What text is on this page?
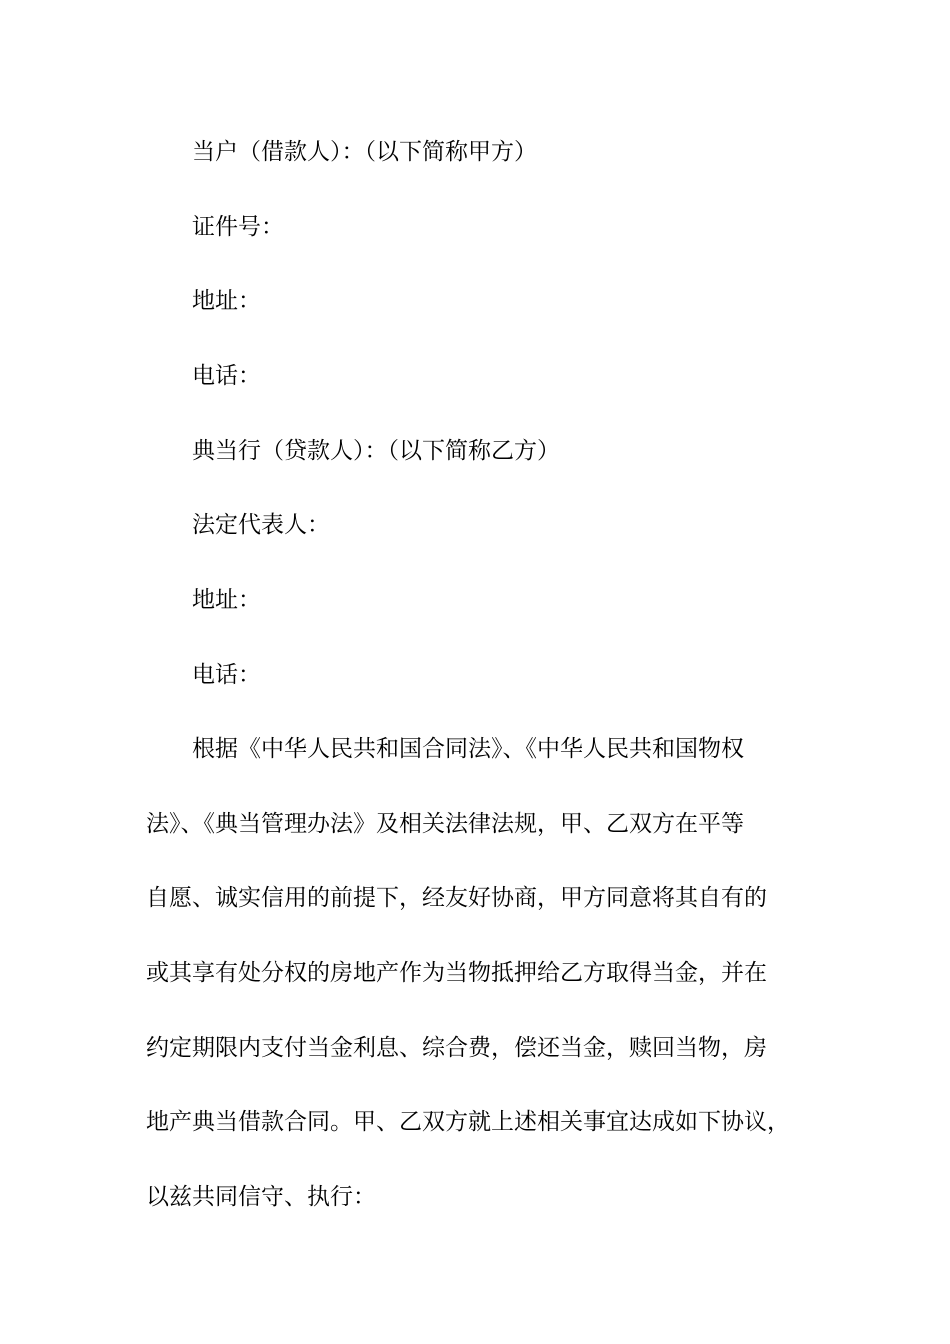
当户（借款人）：（以下简称甲方）
证件号：
地址：
电话：
典当行（贷款人）：（以下简称乙方）
法定代表人：
地址：
电话：
根据《中华人民共和国合同法》、《中华人民共和国物权
法》、《典当管理办法》及相关法律法规，甲、乙双方在平等
自愿、诚实信用的前提下，经友好协商，甲方同意将其自有的
或其享有处分权的房地产作为当物抵押给乙方取得当金，并在
约定期限内支付当金利息、综合费，偿还当金，赎回当物，房
地产典当借款合同。甲、乙双方就上述相关事宜达成如下协议，
以兹共同信守、执行：
